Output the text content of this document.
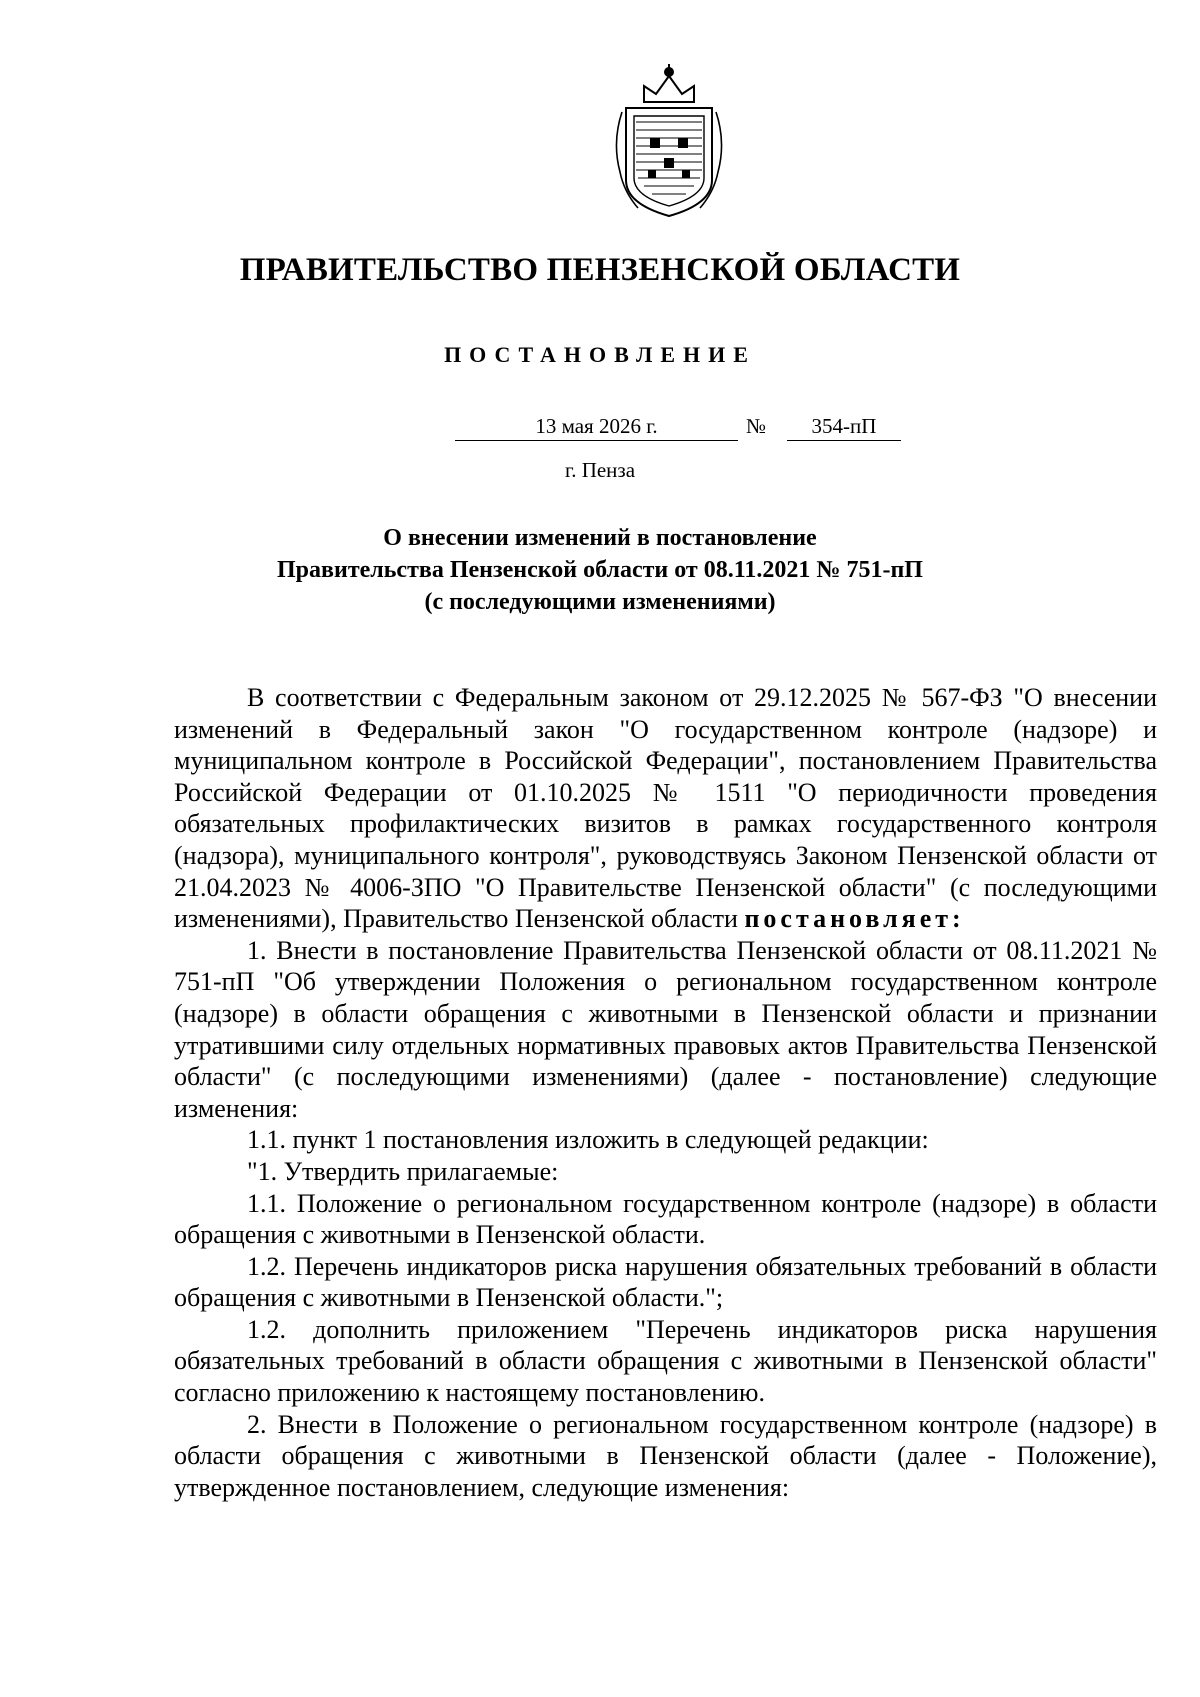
ПРАВИТЕЛЬСТВО ПЕНЗЕНСКОЙ ОБЛАСТИ
ПОСТАНОВЛЕНИЕ
13 мая 2026 г.	№	354-пП
г. Пенза
О внесении изменений в постановление
Правительства Пензенской области от 08.11.2021 № 751-пП
(с последующими изменениями)

В соответствии с Федеральным законом от 29.12.2025 № 567-ФЗ "О внесении изменений в Федеральный закон "О государственном контроле (надзоре) и муниципальном контроле в Российской Федерации", постановлением Правительства Российской Федерации от 01.10.2025 № 1511 "О периодичности проведения обязательных профилактических визитов в рамках государственного контроля (надзора), муниципального контроля", руководствуясь Законом Пензенской области от 21.04.2023 № 4006-ЗПО "О Правительстве Пензенской области" (с последующими изменениями), Правительство Пензенской области постановляет:

1. Внести в постановление Правительства Пензенской области от 08.11.2021 № 751-пП "Об утверждении Положения о региональном государственном контроле (надзоре) в области обращения с животными в Пензенской области и признании утратившими силу отдельных нормативных правовых актов Правительства Пензенской области" (с последующими изменениями) (далее - постановление) следующие изменения:

1.1. пункт 1 постановления изложить в следующей редакции:

"1. Утвердить прилагаемые:

1.1. Положение о региональном государственном контроле (надзоре) в области обращения с животными в Пензенской области.

1.2. Перечень индикаторов риска нарушения обязательных требований в области обращения с животными в Пензенской области.";

1.2. дополнить приложением "Перечень индикаторов риска нарушения обязательных требований в области обращения с животными в Пензенской области" согласно приложению к настоящему постановлению.

2. Внести в Положение о региональном государственном контроле (надзоре) в области обращения с животными в Пензенской области (далее - Положение), утвержденное постановлением, следующие изменения:
